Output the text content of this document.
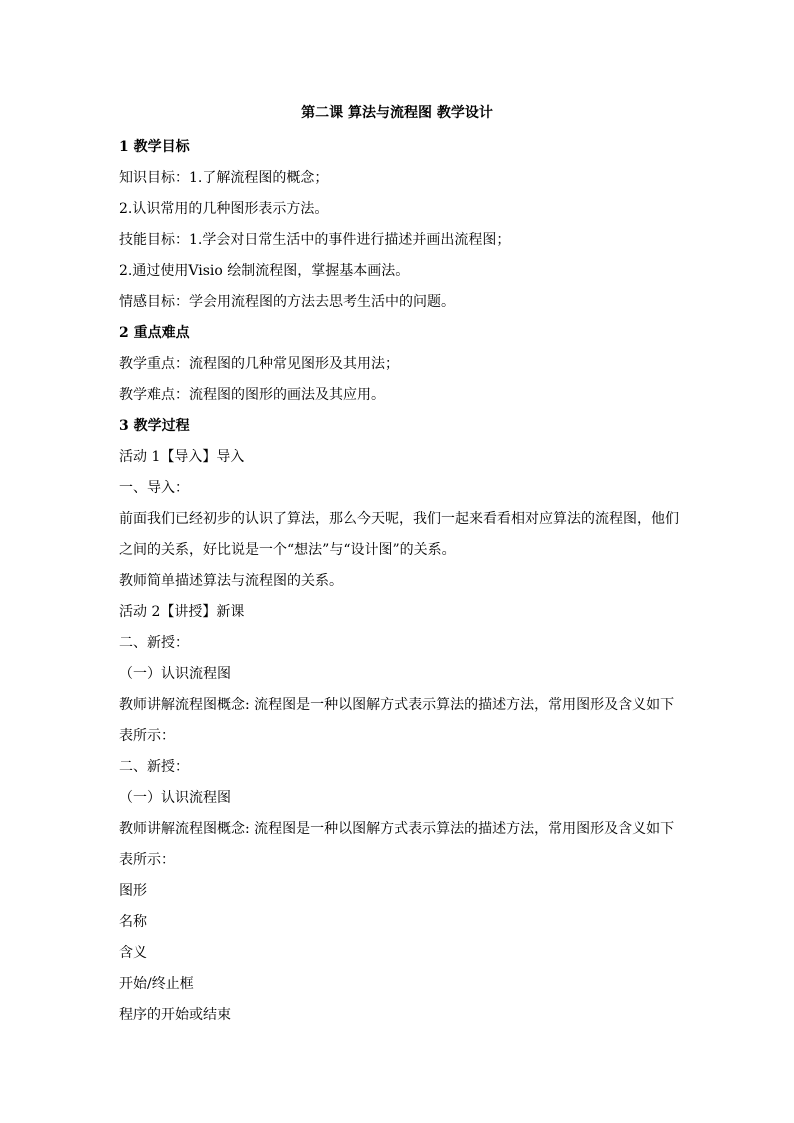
第二课 算法与流程图 教学设计
1 教学目标
知识目标：1.了解流程图的概念；
2.认识常用的几种图形表示方法。
技能目标：1.学会对日常生活中的事件进行描述并画出流程图；
2.通过使用Visio 绘制流程图，掌握基本画法。
情感目标：学会用流程图的方法去思考生活中的问题。
2 重点难点
教学重点：流程图的几种常见图形及其用法；
教学难点：流程图的图形的画法及其应用。
3 教学过程
活动 1【导入】导入
一、导入：
前面我们已经初步的认识了算法，那么今天呢，我们一起来看看相对应算法的流程图，他们
之间的关系，好比说是一个“想法”与“设计图”的关系。
教师简单描述算法与流程图的关系。
活动 2【讲授】新课
二、新授：
（一）认识流程图
教师讲解流程图概念: 流程图是一种以图解方式表示算法的描述方法，常用图形及含义如下
表所示：
二、新授：
（一）认识流程图
教师讲解流程图概念: 流程图是一种以图解方式表示算法的描述方法，常用图形及含义如下
表所示：
图形
名称
含义
开始/终止框
程序的开始或结束
